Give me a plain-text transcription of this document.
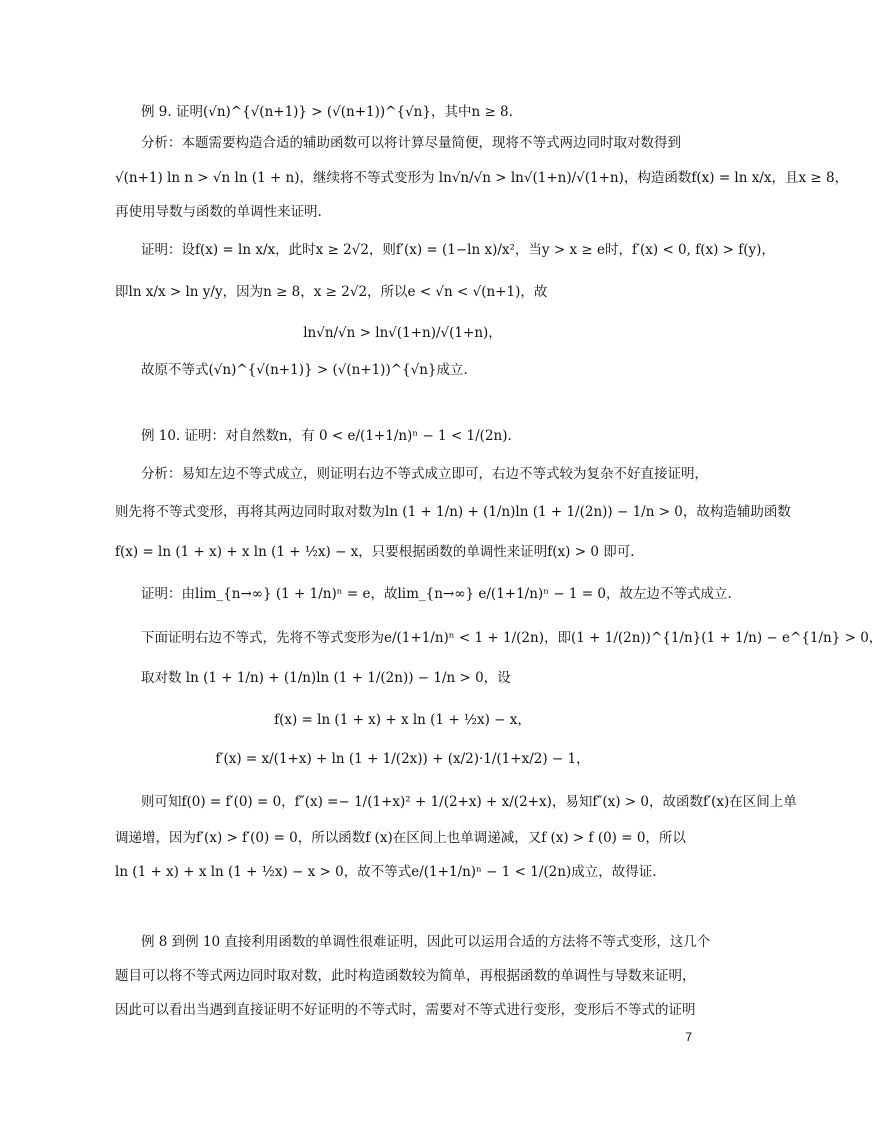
例 9. 证明(√n)^{√(n+1)} > (√(n+1))^{√n}，其中n ≥ 8.
分析：本题需要构造合适的辅助函数可以将计算尽量简便，现将不等式两边同时取对数得到
√(n+1) ln n > √n ln (1 + n)，继续将不等式变形为 ln√n/√n > ln√(1+n)/√(1+n)，构造函数f(x) = ln x/x，且x ≥ 8，
再使用导数与函数的单调性来证明.
证明：设f(x) = ln x/x，此时x ≥ 2√2，则f′(x) = (1−ln x)/x²，当y > x ≥ e时，f′(x) < 0, f(x) > f(y)，
即ln x/x > ln y/y，因为n ≥ 8，x ≥ 2√2，所以e < √n < √(n+1)，故
ln√n/√n > ln√(1+n)/√(1+n)，
故原不等式(√n)^{√(n+1)} > (√(n+1))^{√n}成立.
例 10. 证明：对自然数n，有 0 < e/(1+1/n)ⁿ − 1 < 1/(2n).
分析：易知左边不等式成立，则证明右边不等式成立即可，右边不等式较为复杂不好直接证明，
则先将不等式变形，再将其两边同时取对数为ln (1 + 1/n) + (1/n)ln (1 + 1/(2n)) − 1/n > 0，故构造辅助函数
f(x) = ln (1 + x) + x ln (1 + ½x) − x，只要根据函数的单调性来证明f(x) > 0 即可.
证明：由lim_{n→∞} (1 + 1/n)ⁿ = e，故lim_{n→∞} e/(1+1/n)ⁿ − 1 = 0，故左边不等式成立.
下面证明右边不等式，先将不等式变形为e/(1+1/n)ⁿ < 1 + 1/(2n)，即(1 + 1/(2n))^{1/n}(1 + 1/n) − e^{1/n} > 0，
取对数 ln (1 + 1/n) + (1/n)ln (1 + 1/(2n)) − 1/n > 0，设
f(x) = ln (1 + x) + x ln (1 + ½x) − x，
f′(x) = x/(1+x) + ln (1 + 1/(2x)) + (x/2)·1/(1+x/2) − 1，
则可知f(0) = f′(0) = 0，f″(x) =− 1/(1+x)² + 1/(2+x) + x/(2+x)，易知f″(x) > 0，故函数f′(x)在区间上单
调递增，因为f′(x) > f′(0) = 0，所以函数f (x)在区间上也单调递减，又f (x) > f (0) = 0，所以
ln (1 + x) + x ln (1 + ½x) − x > 0，故不等式e/(1+1/n)ⁿ − 1 < 1/(2n)成立，故得证.
例 8 到例 10 直接利用函数的单调性很难证明，因此可以运用合适的方法将不等式变形，这几个
题目可以将不等式两边同时取对数，此时构造函数较为简单，再根据函数的单调性与导数来证明，
因此可以看出当遇到直接证明不好证明的不等式时，需要对不等式进行变形，变形后不等式的证明
7
